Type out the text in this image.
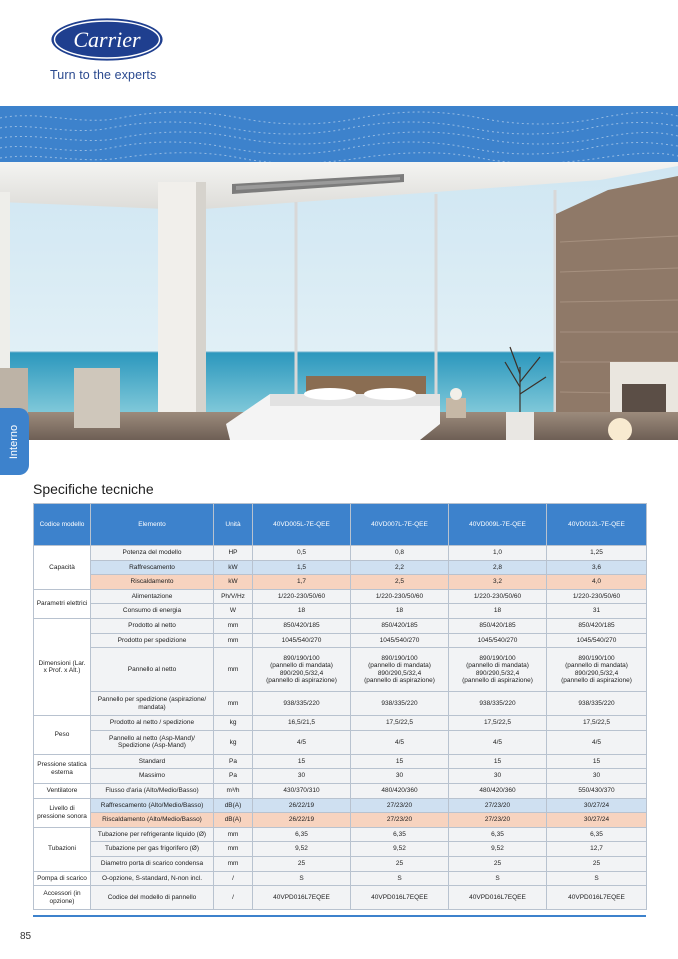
Carrier
Turn to the experts
Interno
Specifiche tecniche
Codice modello	Elemento	Unità	40VD005L-7E-QEE	40VD007L-7E-QEE	40VD009L-7E-QEE	40VD012L-7E-QEE
Capacità	Potenza del modello	HP	0,5	0,8	1,0	1,25
	Raffrescamento	kW	1,5	2,2	2,8	3,6
	Riscaldamento	kW	1,7	2,5	3,2	4,0
Parametri elettrici	Alimentazione	Ph/V/Hz	1/220-230/50/60	1/220-230/50/60	1/220-230/50/60	1/220-230/50/60
	Consumo di energia	W	18	18	18	31
Dimensioni (Lar. x Prof. x Alt.)	Prodotto al netto	mm	850/420/185	850/420/185	850/420/185	850/420/185
	Prodotto per spedizione	mm	1045/540/270	1045/540/270	1045/540/270	1045/540/270
	Pannello al netto	mm	890/190/100
(pannello di mandata)
890/290,5/32,4
(pannello di aspirazione)	890/190/100
(pannello di mandata)
890/290,5/32,4
(pannello di aspirazione)	890/190/100
(pannello di mandata)
890/290,5/32,4
(pannello di aspirazione)	890/190/100
(pannello di mandata)
890/290,5/32,4
(pannello di aspirazione)
	Pannello per spedizione (aspirazione/ mandata)	mm	938/335/220	938/335/220	938/335/220	938/335/220
Peso	Prodotto al netto / spedizione	kg	16,5/21,5	17,5/22,5	17,5/22,5	17,5/22,5
	Pannello al netto (Asp-Mand)/ Spedizione (Asp-Mand)	kg	4/5	4/5	4/5	4/5
Pressione statica esterna	Standard	Pa	15	15	15	15
	Massimo	Pa	30	30	30	30
Ventilatore	Flusso d'aria (Alto/Medio/Basso)	m³/h	430/370/310	480/420/360	480/420/360	550/430/370
Livello di pressione sonora	Raffrescamento (Alto/Medio/Basso)	dB(A)	26/22/19	27/23/20	27/23/20	30/27/24
	Riscaldamento (Alto/Medio/Basso)	dB(A)	26/22/19	27/23/20	27/23/20	30/27/24
Tubazioni	Tubazione per refrigerante liquido (Ø)	mm	6,35	6,35	6,35	6,35
	Tubazione per gas frigorifero (Ø)	mm	9,52	9,52	9,52	12,7
	Diametro porta di scarico condensa	mm	25	25	25	25
Pompa di scarico	O-opzione, S-standard, N-non incl.	/	S	S	S	S
Accessori (in opzione)	Codice del modello di pannello	/	40VPD016L7EQEE	40VPD016L7EQEE	40VPD016L7EQEE	40VPD016L7EQEE
85
